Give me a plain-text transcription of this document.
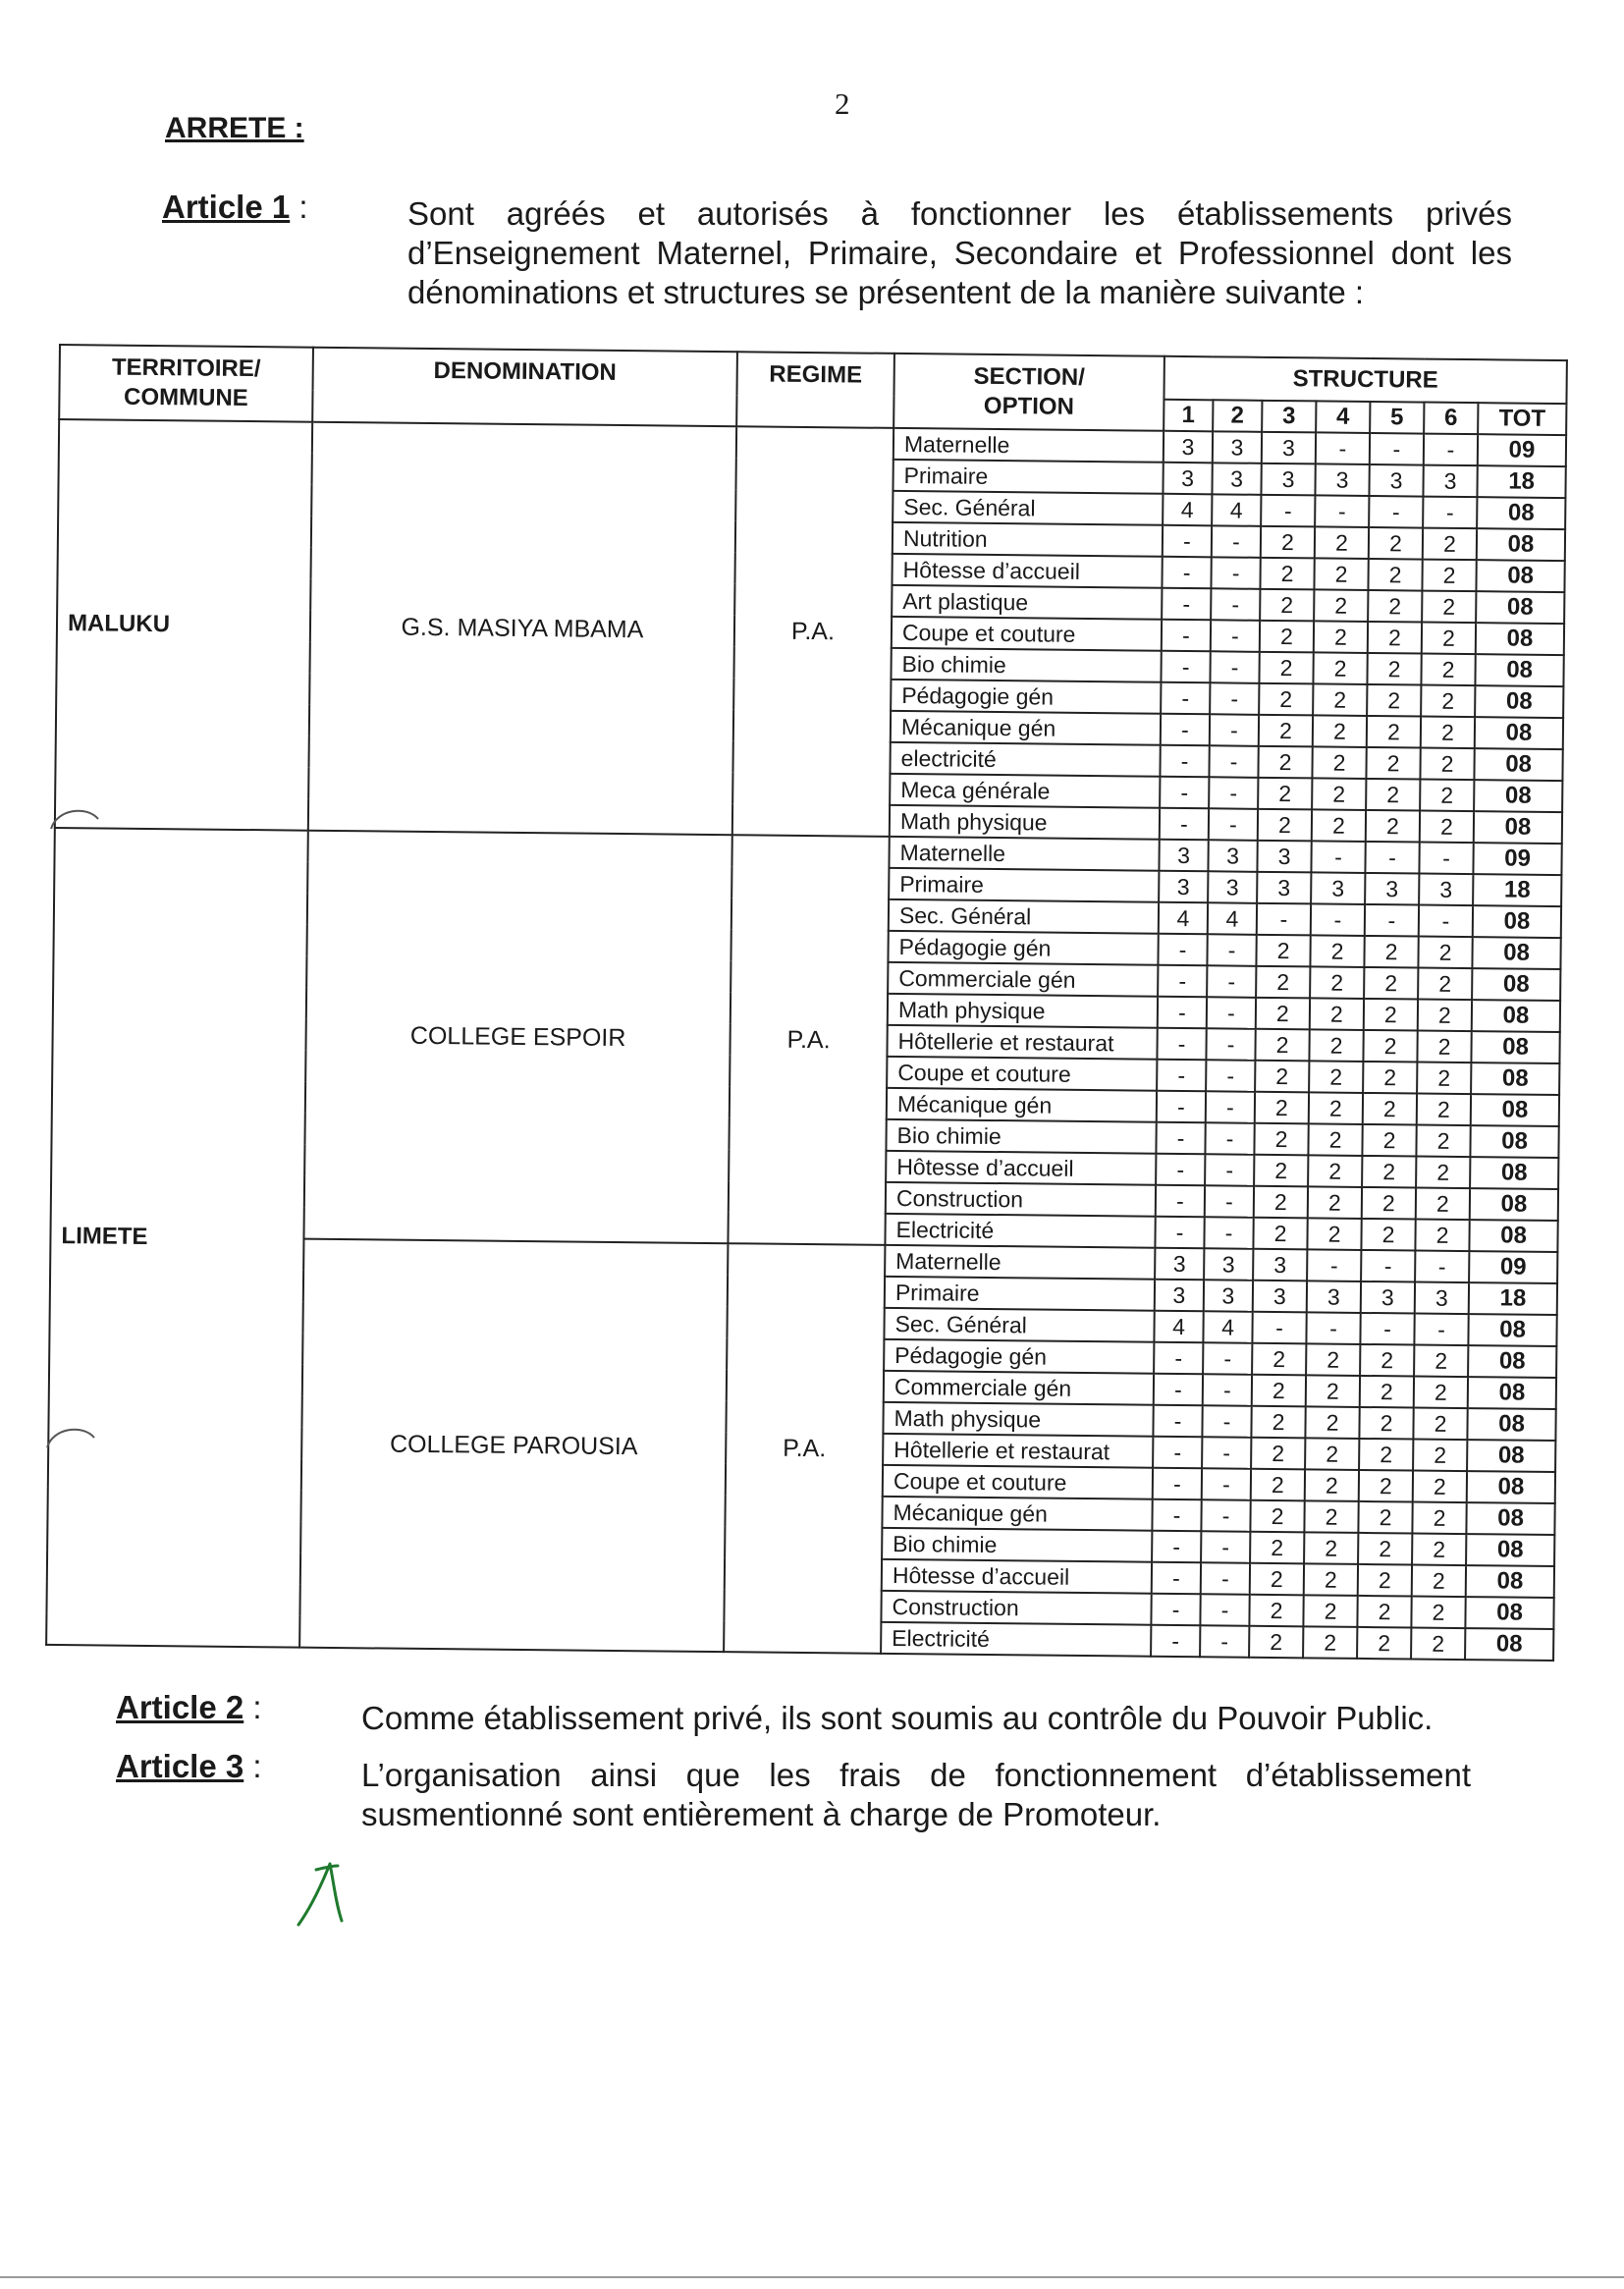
2
ARRETE :
Article 1 :	Sont agréés et autorisés à fonctionner les établissements privés
d’Enseignement Maternel, Primaire, Secondaire et Professionnel dont les
dénominations et structures se présentent de la manière suivante :
TERRITOIRE/ COMMUNE	DENOMINATION	REGIME	SECTION/ OPTION	STRUCTURE						
				1	2	3	4	5	6	TOT
MALUKU	G.S. MASIYA MBAMA	P.A.	Maternelle	3	3	3	-	-	-	09
			Primaire	3	3	3	3	3	3	18
			Sec. Général	4	4	-	-	-	-	08
			Nutrition	-	-	2	2	2	2	08
			Hôtesse d’accueil	-	-	2	2	2	2	08
			Art plastique	-	-	2	2	2	2	08
			Coupe et couture	-	-	2	2	2	2	08
			Bio chimie	-	-	2	2	2	2	08
			Pédagogie gén	-	-	2	2	2	2	08
			Mécanique gén	-	-	2	2	2	2	08
			electricité	-	-	2	2	2	2	08
			Meca générale	-	-	2	2	2	2	08
			Math physique	-	-	2	2	2	2	08
LIMETE	COLLEGE ESPOIR	P.A.	Maternelle	3	3	3	-	-	-	09
			Primaire	3	3	3	3	3	3	18
			Sec. Général	4	4	-	-	-	-	08
			Pédagogie gén	-	-	2	2	2	2	08
			Commerciale gén	-	-	2	2	2	2	08
			Math physique	-	-	2	2	2	2	08
			Hôtellerie et restaurat	-	-	2	2	2	2	08
			Coupe et couture	-	-	2	2	2	2	08
			Mécanique gén	-	-	2	2	2	2	08
			Bio chimie	-	-	2	2	2	2	08
			Hôtesse d’accueil	-	-	2	2	2	2	08
			Construction	-	-	2	2	2	2	08
			Electricité	-	-	2	2	2	2	08
	COLLEGE PAROUSIA	P.A.	Maternelle	3	3	3	-	-	-	09
			Primaire	3	3	3	3	3	3	18
			Sec. Général	4	4	-	-	-	-	08
			Pédagogie gén	-	-	2	2	2	2	08
			Commerciale gén	-	-	2	2	2	2	08
			Math physique	-	-	2	2	2	2	08
			Hôtellerie et restaurat	-	-	2	2	2	2	08
			Coupe et couture	-	-	2	2	2	2	08
			Mécanique gén	-	-	2	2	2	2	08
			Bio chimie	-	-	2	2	2	2	08
			Hôtesse d’accueil	-	-	2	2	2	2	08
			Construction	-	-	2	2	2	2	08
			Electricité	-	-	2	2	2	2	08
Article 2 :	Comme établissement privé, ils sont soumis au contrôle du Pouvoir Public.
Article 3 :	L’organisation ainsi que les frais de fonctionnement d’établissement
susmentionné sont entièrement à charge de Promoteur.
